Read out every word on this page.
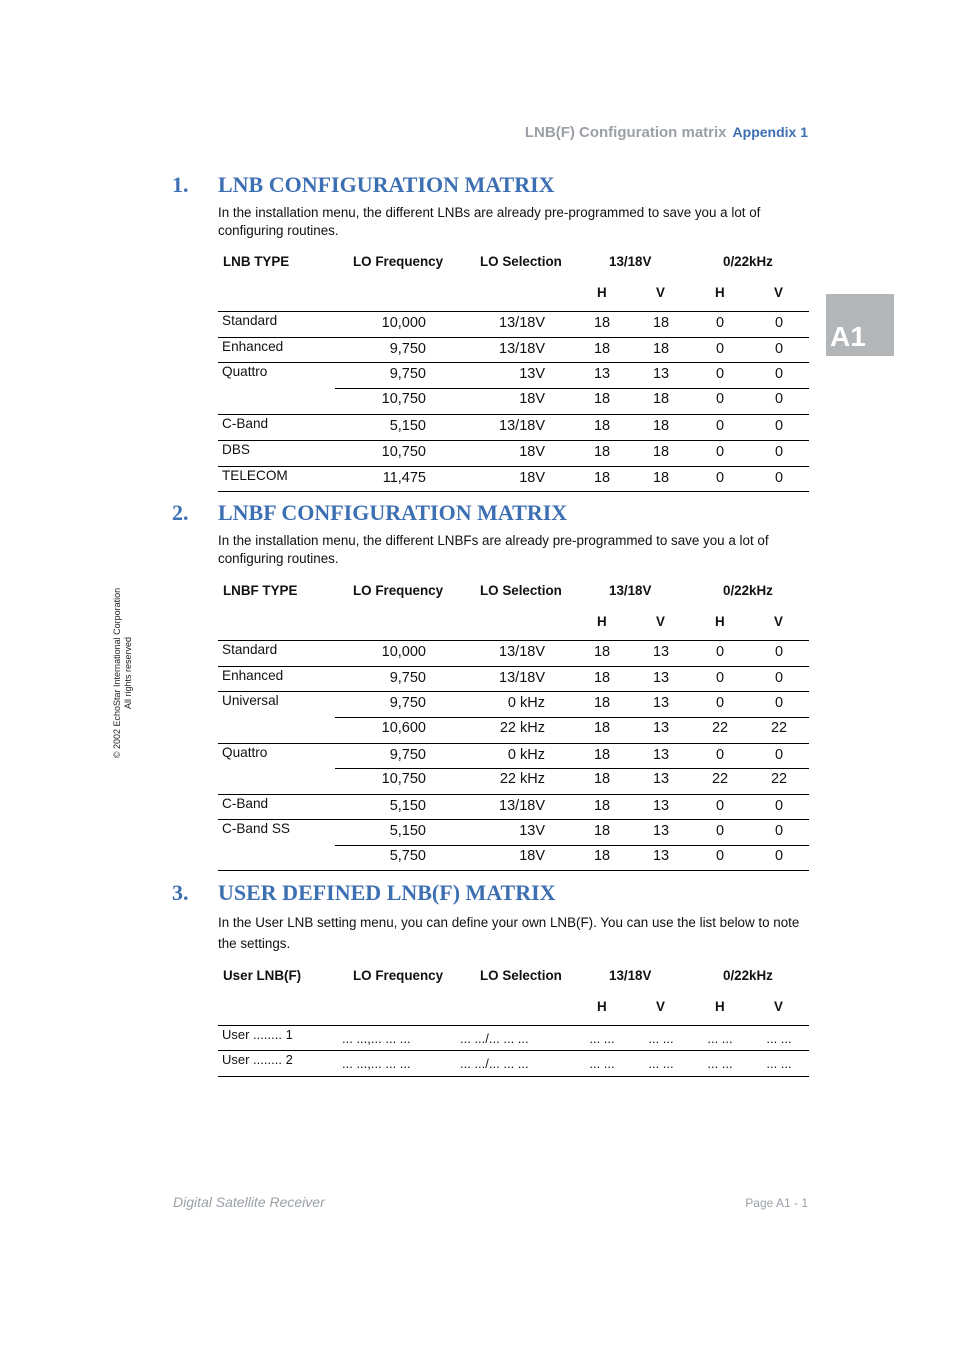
LNB(F) Configuration matrix Appendix 1
A1
© 2002 EchoStar International Corporation All rights reserved
1. LNB CONFIGURATION MATRIX

In the installation menu, the different LNBs are already pre-programmed to save you a lot of configuring routines.

LNB TYPE	LO Frequency	LO Selection	13/18V	0/22kHz
H	V	H	V
Standard	10,000	13/18V	18	18	0	0
Enhanced	9,750	13/18V	18	18	0	0
Quattro	9,750	13V	13	13	0	0
10,750	18V	18	18	0	0
C-Band	5,150	13/18V	18	18	0	0
DBS	10,750	18V	18	18	0	0
TELECOM	11,475	18V	18	18	0	0
2. LNBF CONFIGURATION MATRIX

In the installation menu, the different LNBFs are already pre-programmed to save you a lot of configuring routines.

LNBF TYPE	LO Frequency	LO Selection	13/18V	0/22kHz
H	V	H	V
Standard	10,000	13/18V	18	13	0	0
Enhanced	9,750	13/18V	18	13	0	0
Universal	9,750	0 kHz	18	13	0	0
10,600	22 kHz	18	13	22	22
Quattro	9,750	0 kHz	18	13	0	0
10,750	22 kHz	18	13	22	22
C-Band	5,150	13/18V	18	13	0	0
C-Band SS	5,150	13V	18	13	0	0
5,750	18V	18	13	0	0
3. USER DEFINED LNB(F) MATRIX

In the User LNB setting menu, you can define your own LNB(F). You can use the list below to note the settings.

User LNB(F)	LO Frequency	LO Selection	13/18V	0/22kHz
H	V	H	V
User ........ 1	... ...,... ... ...	... .../... ... ...	... ...	... ...	... ...	... ...
User ........ 2	... ...,... ... ...	... .../... ... ...	... ...	... ...	... ...	... ...
Digital Satellite Receiver	Page A1 - 1
